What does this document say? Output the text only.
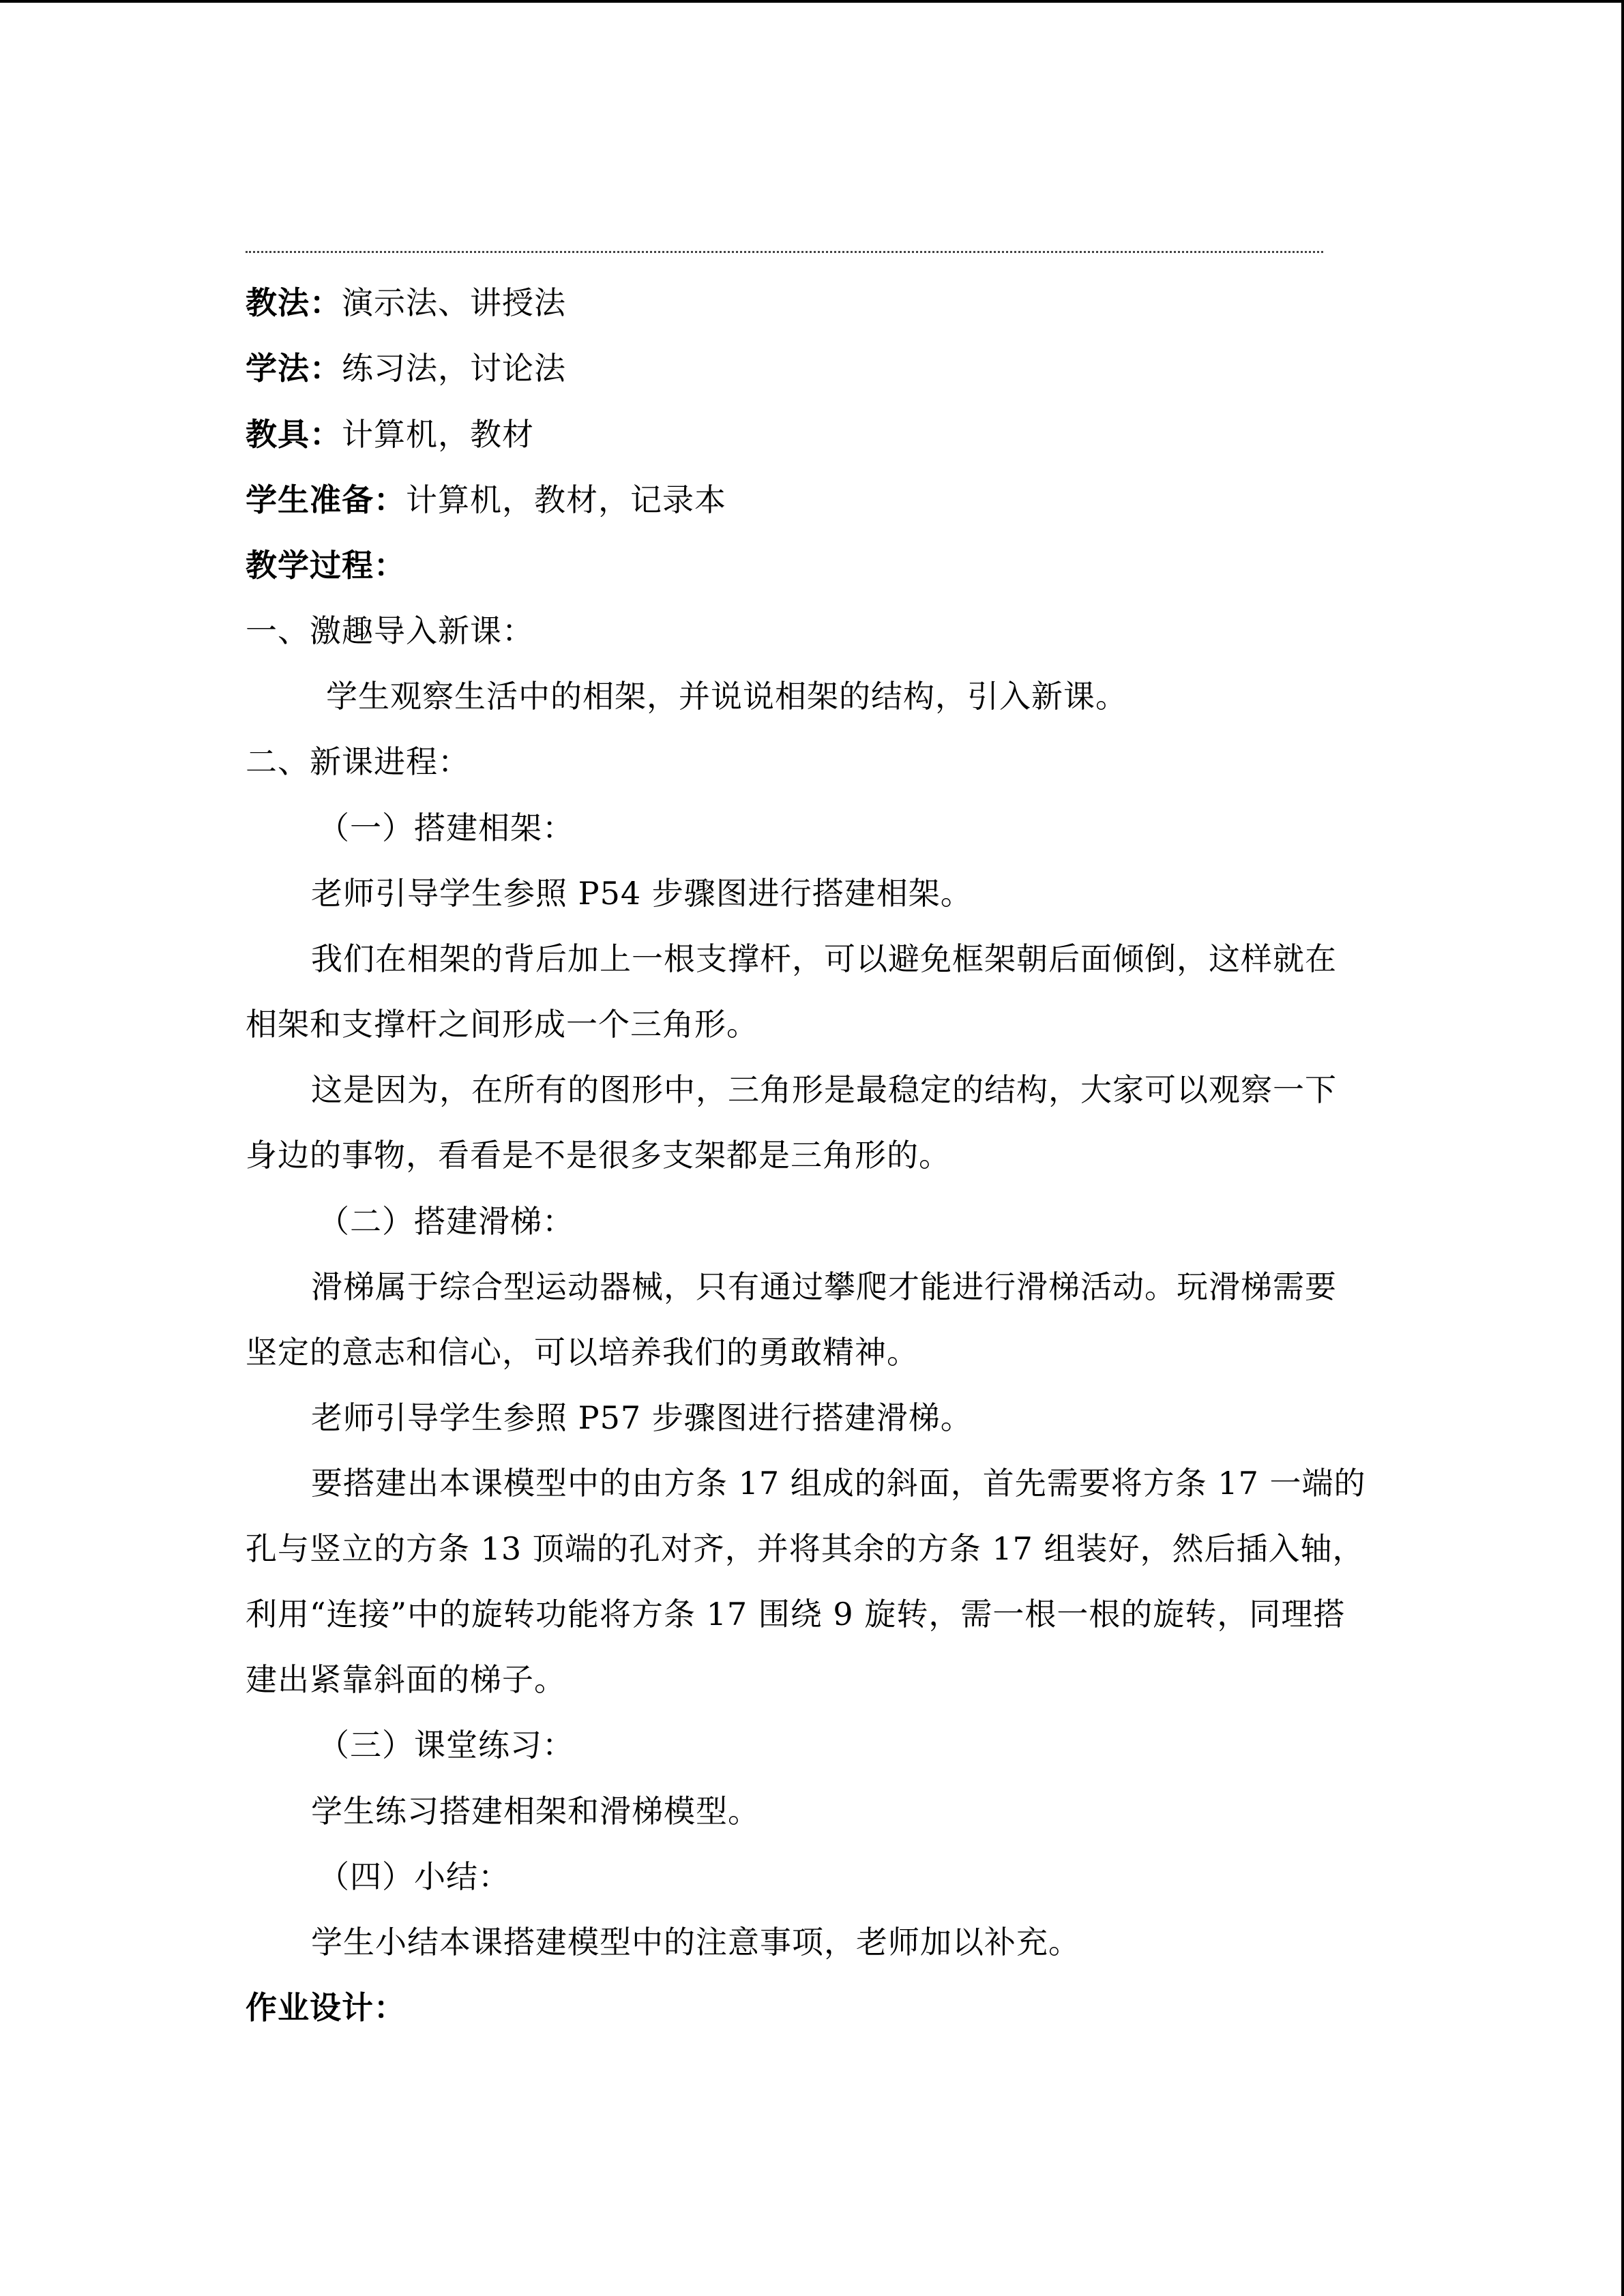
教法：演示法、讲授法

学法：练习法，讨论法

教具：计算机，教材

学生准备：计算机，教材，记录本

教学过程：

一、激趣导入新课：

学生观察生活中的相架，并说说相架的结构，引入新课。

二、新课进程：

（一）搭建相架：

老师引导学生参照 P54 步骤图进行搭建相架。

我们在相架的背后加上一根支撑杆，可以避免框架朝后面倾倒，这样就在

相架和支撑杆之间形成一个三角形。

这是因为，在所有的图形中，三角形是最稳定的结构，大家可以观察一下

身边的事物，看看是不是很多支架都是三角形的。

（二）搭建滑梯：

滑梯属于综合型运动器械，只有通过攀爬才能进行滑梯活动。玩滑梯需要

坚定的意志和信心，可以培养我们的勇敢精神。

老师引导学生参照 P57 步骤图进行搭建滑梯。

要搭建出本课模型中的由方条 17 组成的斜面，首先需要将方条 17 一端的

孔与竖立的方条 13 顶端的孔对齐，并将其余的方条 17 组装好，然后插入轴，

利用“连接”中的旋转功能将方条 17 围绕 9 旋转，需一根一根的旋转，同理搭

建出紧靠斜面的梯子。

（三）课堂练习：

学生练习搭建相架和滑梯模型。

（四）小结：

学生小结本课搭建模型中的注意事项，老师加以补充。

作业设计：
